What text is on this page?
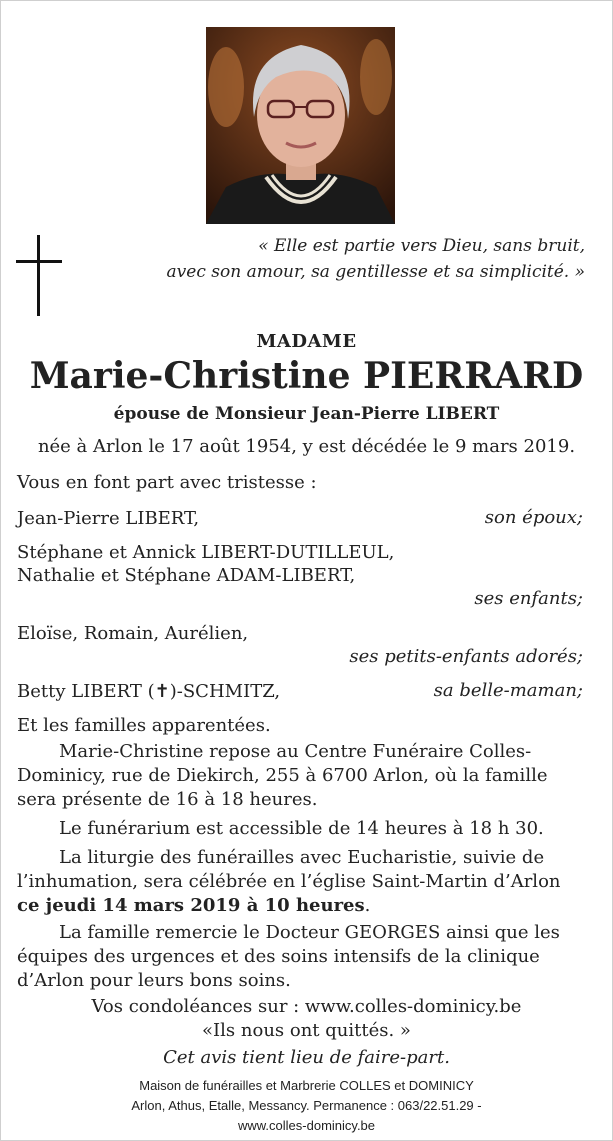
« Elle est partie vers Dieu, sans bruit,
avec son amour, sa gentillesse et sa simplicité. »
MADAME
Marie-Christine PIERRARD
épouse de Monsieur Jean-Pierre LIBERT
née à Arlon le 17 août 1954, y est décédée le 9 mars 2019.
Vous en font part avec tristesse :
Jean-Pierre LIBERT,	son époux;
Stéphane et Annick LIBERT-DUTILLEUL,
Nathalie et Stéphane ADAM-LIBERT,
ses enfants;
Eloïse, Romain, Aurélien,
ses petits-enfants adorés;
Betty LIBERT (✝)-SCHMITZ,	sa belle-maman;
Et les familles apparentées.
Marie-Christine repose au Centre Funéraire Colles-Dominicy, rue de Diekirch, 255 à 6700 Arlon, où la famille sera présente de 16 à 18 heures.
Le funérarium est accessible de 14 heures à 18 h 30.
La liturgie des funérailles avec Eucharistie, suivie de l’inhumation, sera célébrée en l’église Saint-Martin d’Arlon ce jeudi 14 mars 2019 à 10 heures.
La famille remercie le Docteur GEORGES ainsi que les équipes des urgences et des soins intensifs de la clinique d’Arlon pour leurs bons soins.
Vos condoléances sur : www.colles-dominicy.be
«Ils nous ont quittés. »
Cet avis tient lieu de faire-part.
Maison de funérailles et Marbrerie COLLES et DOMINICY
Arlon, Athus, Etalle, Messancy. Permanence : 063/22.51.29 -
www.colles-dominicy.be
